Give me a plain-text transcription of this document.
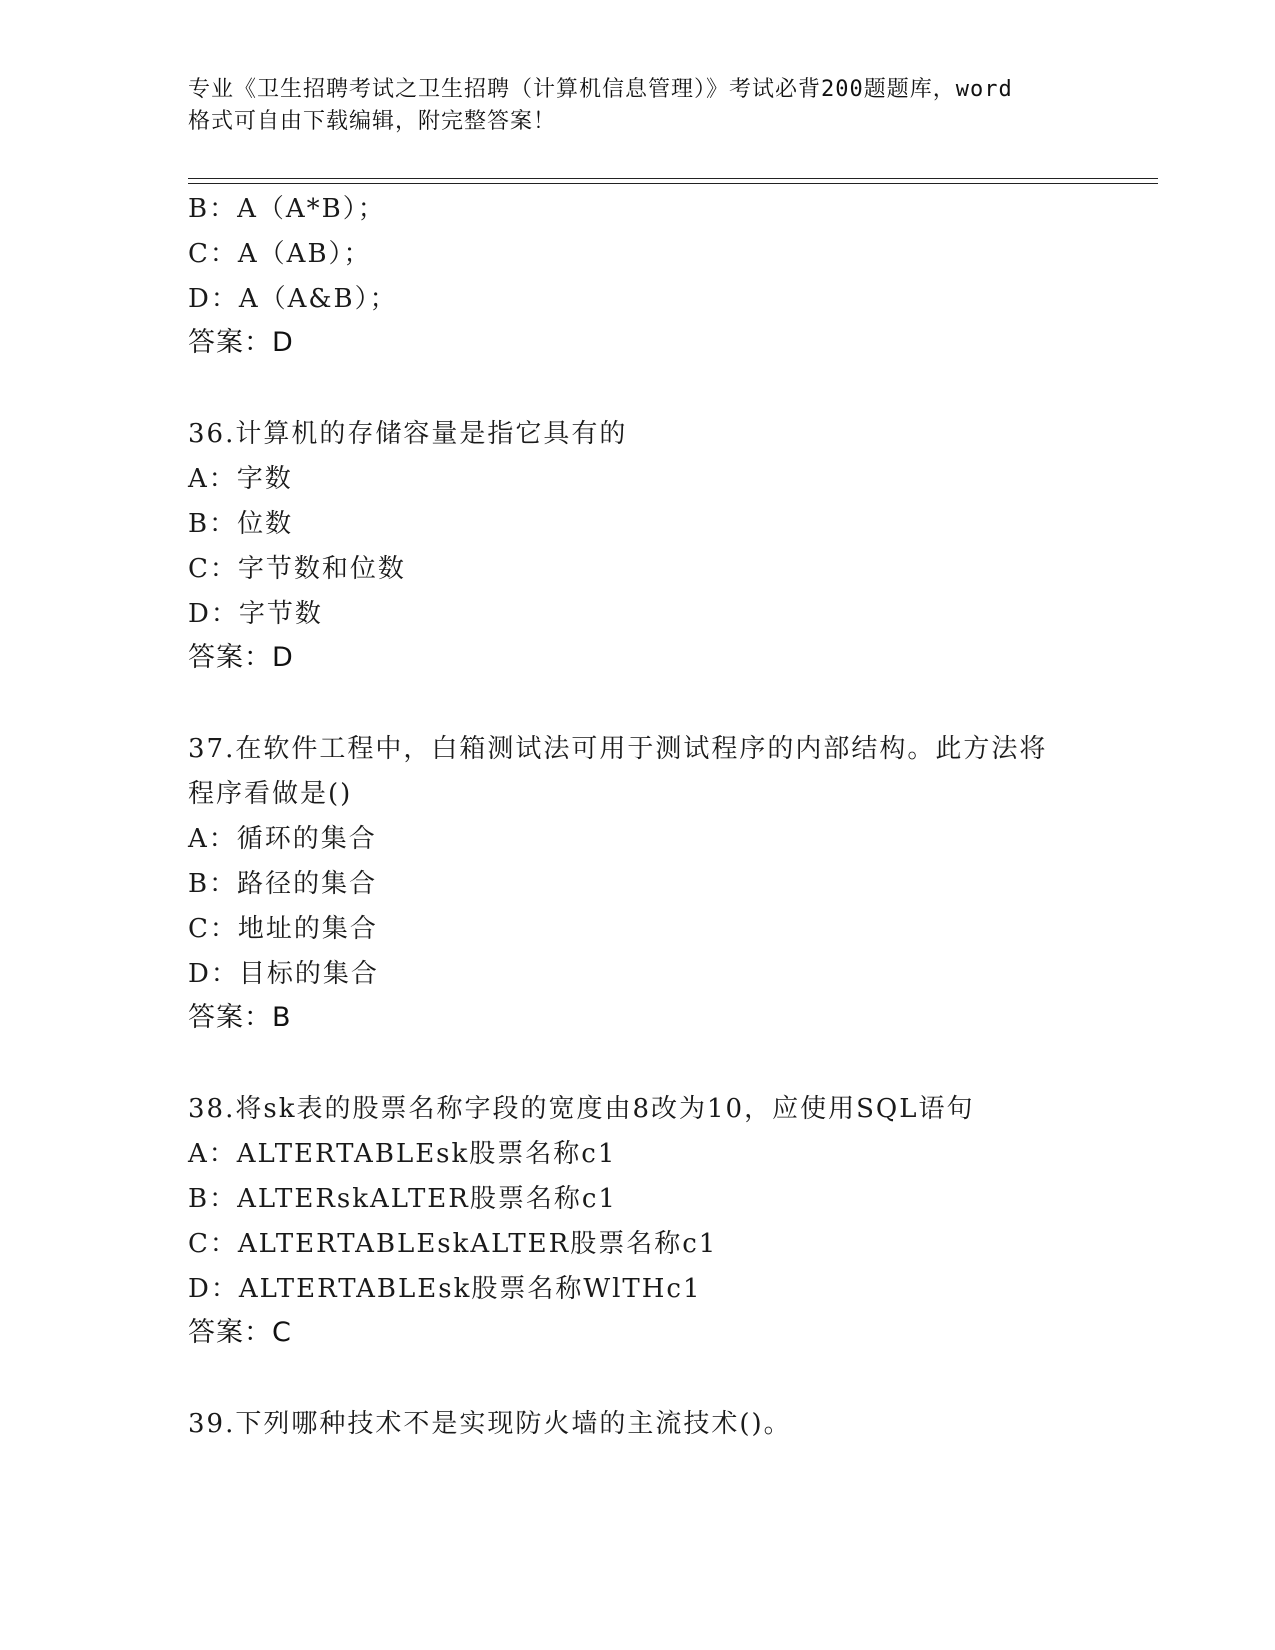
专业《卫生招聘考试之卫生招聘（计算机信息管理）》考试必背200题题库，word
格式可自由下载编辑，附完整答案！
B：A（A*B）；
C：A（AB）；
D：A（A&B）；
答案：D
36.计算机的存储容量是指它具有的
A：字数
B：位数
C：字节数和位数
D：字节数
答案：D
37.在软件工程中，白箱测试法可用于测试程序的内部结构。此方法将
程序看做是()
A：循环的集合
B：路径的集合
C：地址的集合
D：目标的集合
答案：B
38.将sk表的股票名称字段的宽度由8改为10，应使用SQL语句
A：ALTERTABLEsk股票名称c1
B：ALTERskALTER股票名称c1
C：ALTERTABLEskALTER股票名称c1
D：ALTERTABLEsk股票名称WlTHc1
答案：C
39.下列哪种技术不是实现防火墙的主流技术()。
